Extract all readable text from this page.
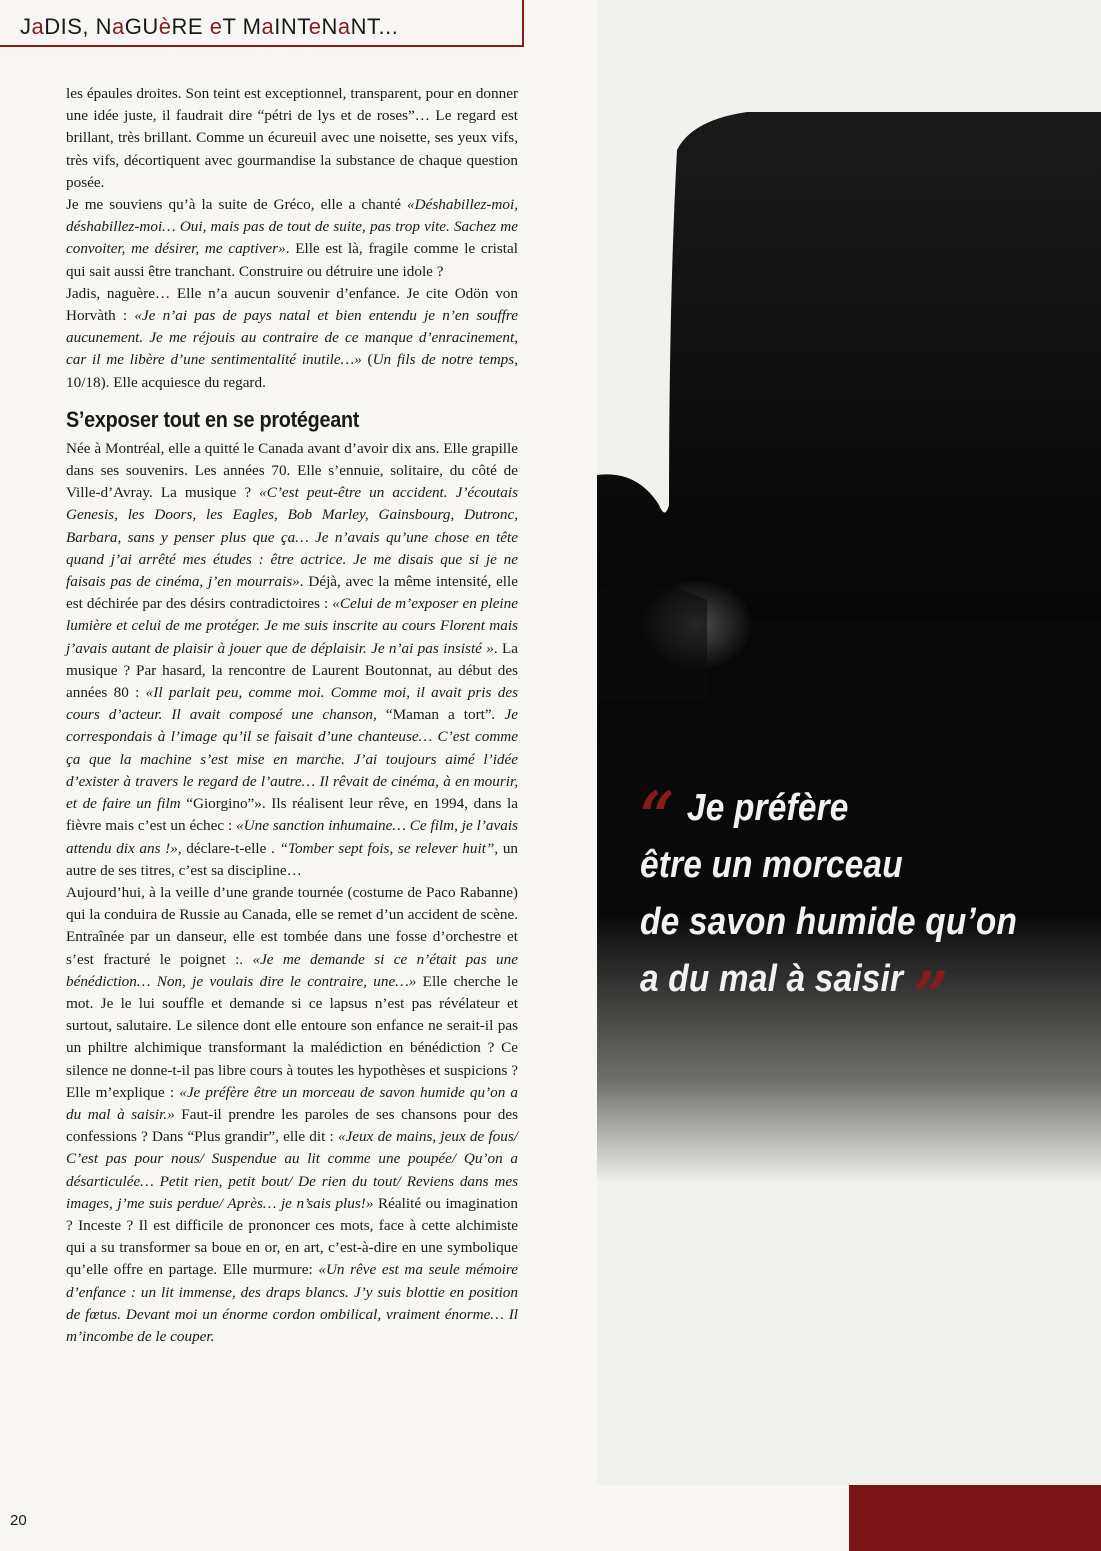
JaDIS, NaGUèRE eT MaINTeNaNT...

les épaules droites. Son teint est exceptionnel, transparent, pour en donner une idée juste, il faudrait dire “pétri de lys et de roses”… Le regard est brillant, très brillant. Comme un écureuil avec une noisette, ses yeux vifs, très vifs, décortiquent avec gourmandise la substance de chaque question posée.

Je me souviens qu’à la suite de Gréco, elle a chanté «Déshabillez-moi, déshabillez-moi… Oui, mais pas de tout de suite, pas trop vite. Sachez me convoiter, me désirer, me captiver». Elle est là, fragile comme le cristal qui sait aussi être tranchant. Construire ou détruire une idole ?

Jadis, naguère… Elle n’a aucun souvenir d’enfance. Je cite Odön von Horvàth : «Je n’ai pas de pays natal et bien entendu je n’en souffre aucunement. Je me réjouis au contraire de ce manque d’enracinement, car il me libère d’une sentimentalité inutile…» (Un fils de notre temps, 10/18). Elle acquiesce du regard.

S’exposer tout en se protégeant

Née à Montréal, elle a quitté le Canada avant d’avoir dix ans. Elle grapille dans ses souvenirs. Les années 70. Elle s’ennuie, solitaire, du côté de Ville-d’Avray. La musique ? «C’est peut-être un accident. J’écoutais Genesis, les Doors, les Eagles, Bob Marley, Gainsbourg, Dutronc, Barbara, sans y penser plus que ça… Je n’avais qu’une chose en tête quand j’ai arrêté mes études : être actrice. Je me disais que si je ne faisais pas de cinéma, j’en mourrais». Déjà, avec la même intensité, elle est déchirée par des désirs contradictoires : «Celui de m’exposer en pleine lumière et celui de me protéger. Je me suis inscrite au cours Florent mais j’avais autant de plaisir à jouer que de déplaisir. Je n’ai pas insisté ». La musique ? Par hasard, la rencontre de Laurent Boutonnat, au début des années 80 : «Il parlait peu, comme moi. Comme moi, il avait pris des cours d’acteur. Il avait composé une chanson, “Maman a tort”. Je correspondais à l’image qu’il se faisait d’une chanteuse… C’est comme ça que la machine s’est mise en marche. J’ai toujours aimé l’idée d’exister à travers le regard de l’autre… Il rêvait de cinéma, à en mourir, et de faire un film “Giorgino”». Ils réalisent leur rêve, en 1994, dans la fièvre mais c’est un échec : «Une sanction inhumaine… Ce film, je l’avais attendu dix ans !», déclare-t-elle . “Tomber sept fois, se relever huit”, un autre de ses titres, c’est sa discipline…

Aujourd’hui, à la veille d’une grande tournée (costume de Paco Rabanne) qui la conduira de Russie au Canada, elle se remet d’un accident de scène. Entraînée par un danseur, elle est tombée dans une fosse d’orchestre et s’est fracturé le poignet :. «Je me demande si ce n’était pas une bénédiction… Non, je voulais dire le contraire, une…» Elle cherche le mot. Je le lui souffle et demande si ce lapsus n’est pas révélateur et surtout, salutaire. Le silence dont elle entoure son enfance ne serait-il pas un philtre alchimique transformant la malédiction en bénédiction ? Ce silence ne donne-t-il pas libre cours à toutes les hypothèses et suspicions ? Elle m’explique : «Je préfère être un morceau de savon humide qu’on a du mal à saisir.» Faut-il prendre les paroles de ses chansons pour des confessions ? Dans “Plus grandir”, elle dit : «Jeux de mains, jeux de fous/ C’est pas pour nous/ Suspendue au lit comme une poupée/ Qu’on a désarticulée… Petit rien, petit bout/ De rien du tout/ Reviens dans mes images, j’me suis perdue/ Après… je n’sais plus!» Réalité ou imagination ? Inceste ? Il est difficile de prononcer ces mots, face à cette alchimiste qui a su transformer sa boue en or, en art, c’est-à-dire en une symbolique qu’elle offre en partage. Elle murmure: «Un rêve est ma seule mémoire d’enfance : un lit immense, des draps blancs. J’y suis blottie en position de fœtus. Devant moi un énorme cordon ombilical, vraiment énorme… Il m’incombe de le couper.

20
“ Je préfère
être un morceau
de savon humide qu’on
a du mal à saisir ”
